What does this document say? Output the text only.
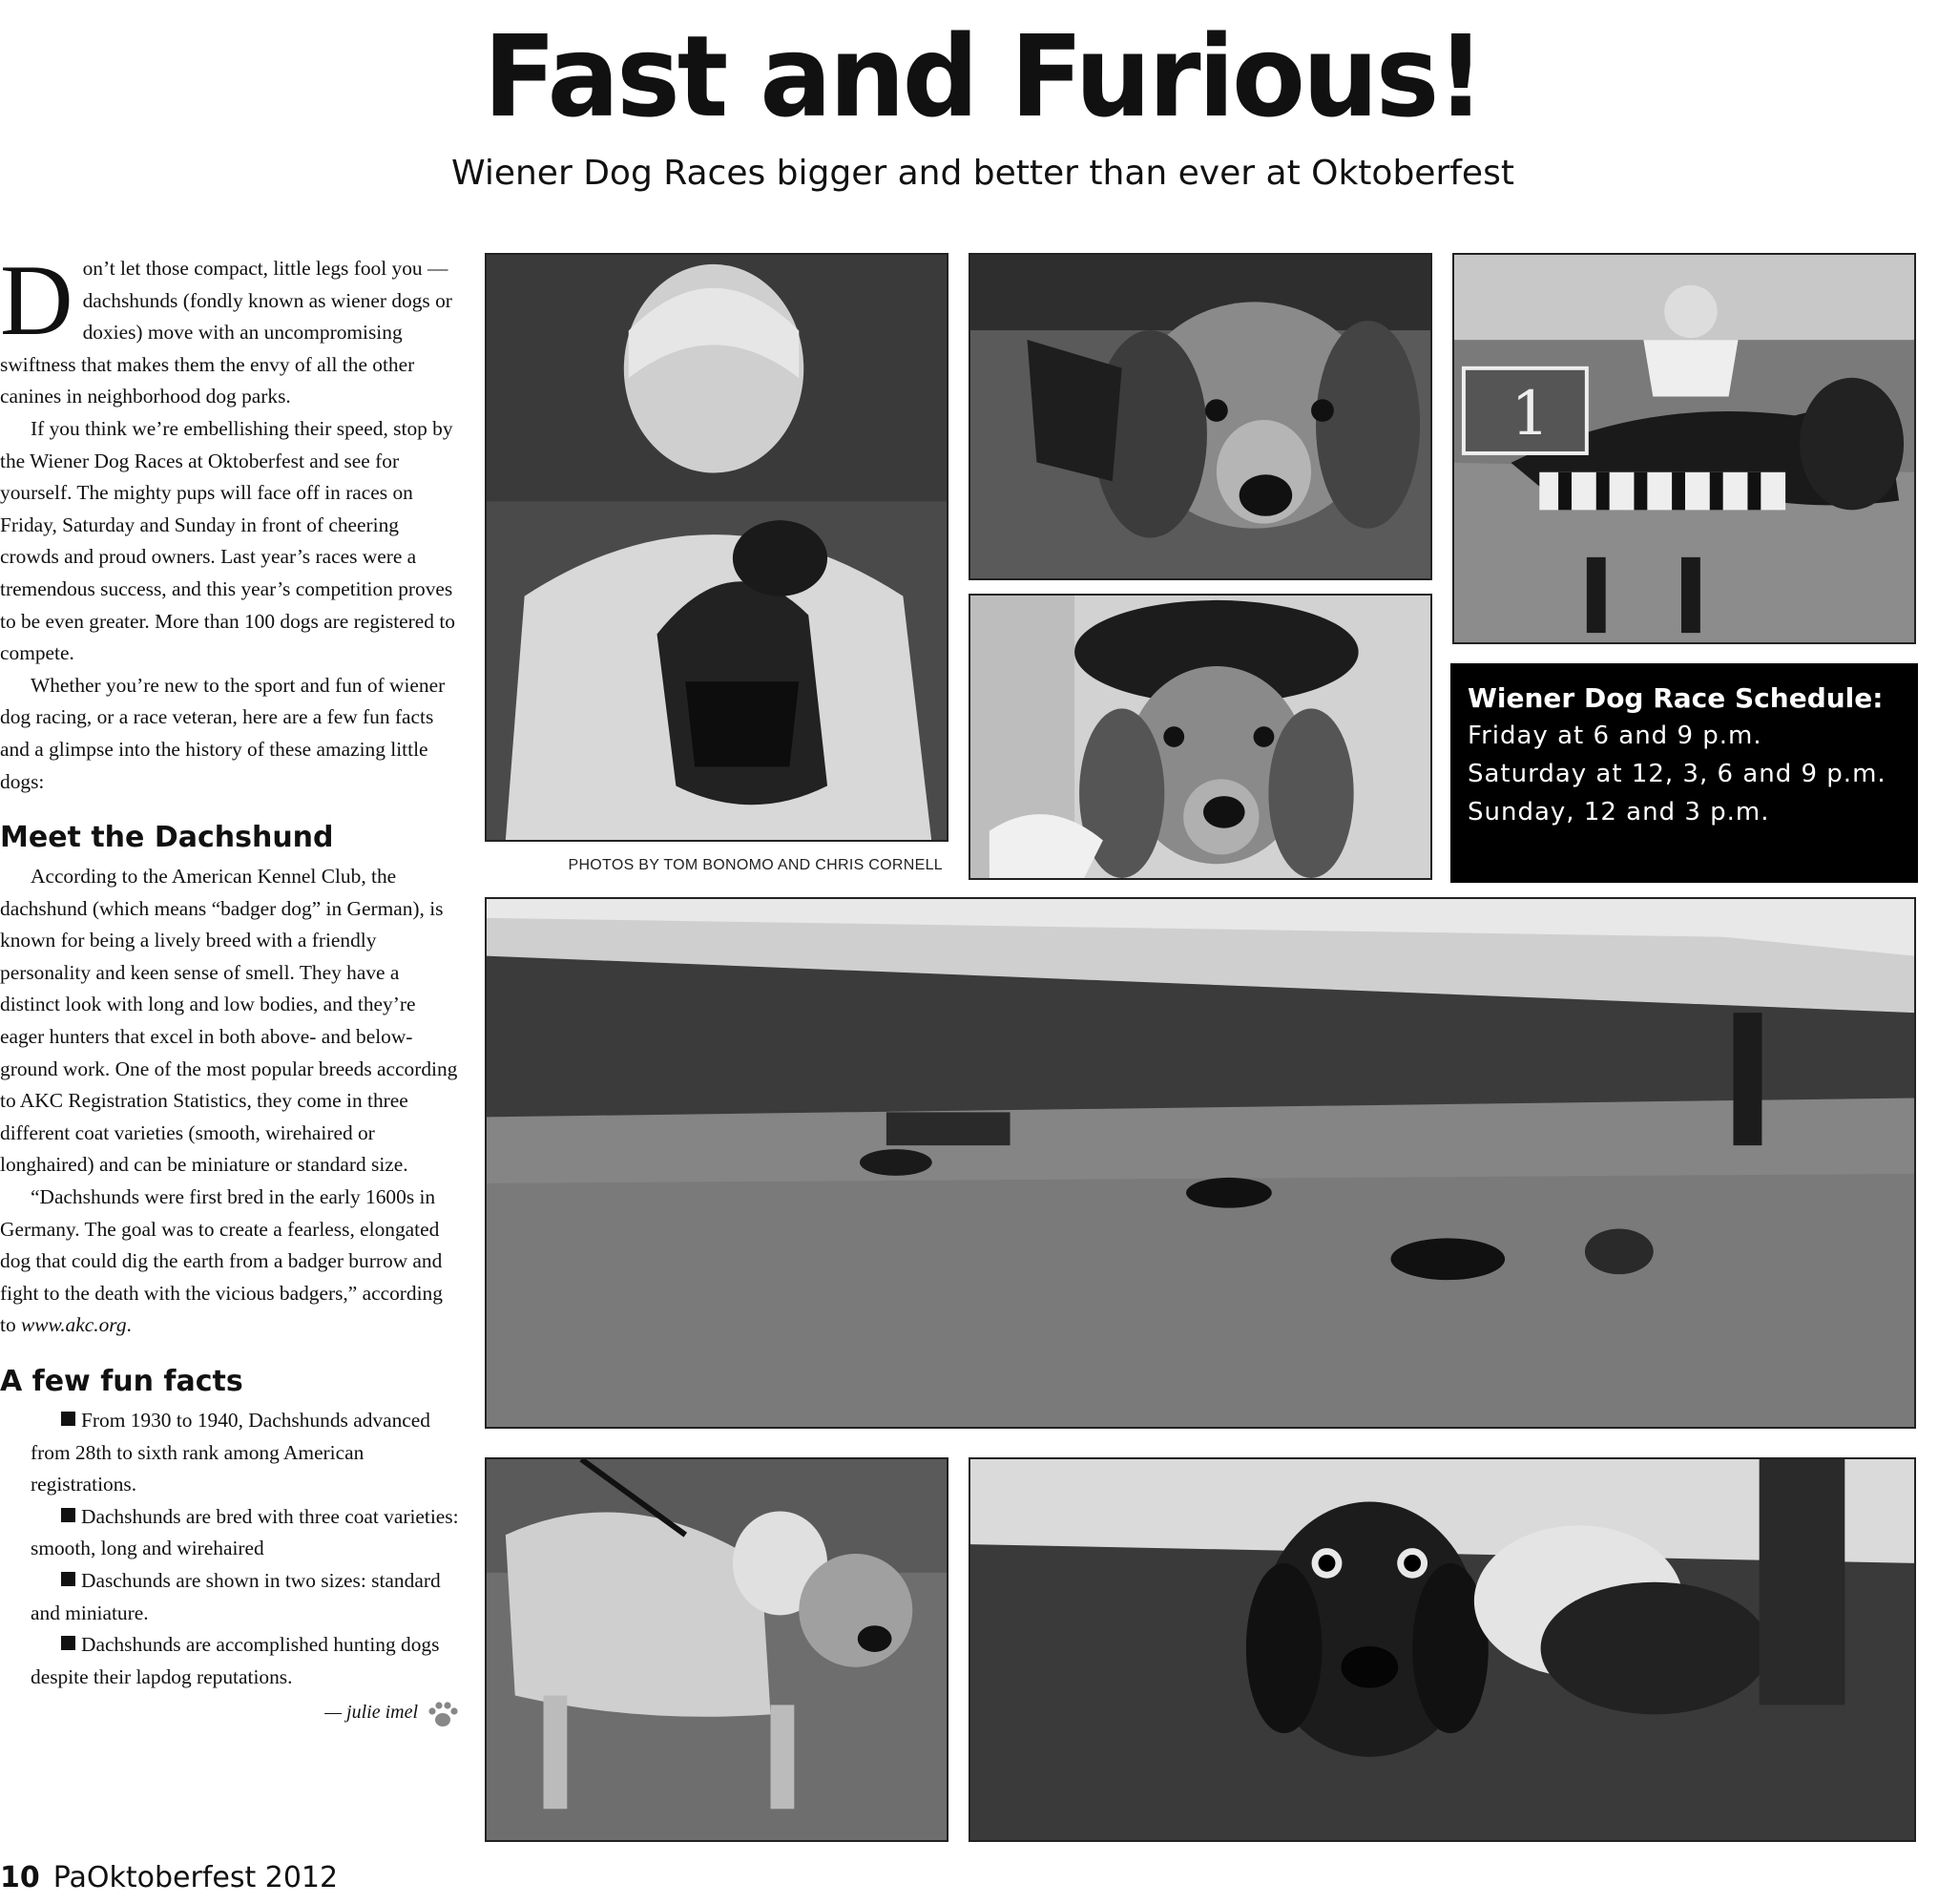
Fast and Furious!

Wiener Dog Races bigger and better than ever at Oktoberfest

Don’t let those compact, little legs fool you — dachshunds (fondly known as wiener dogs or doxies) move with an uncompromising swiftness that makes them the envy of all the other canines in neighborhood dog parks.

If you think we’re embellishing their speed, stop by the Wiener Dog Races at Oktoberfest and see for yourself. The mighty pups will face off in races on Friday, Saturday and Sunday in front of cheering crowds and proud owners. Last year’s races were a tremendous success, and this year’s competition proves to be even greater. More than 100 dogs are registered to compete.

Whether you’re new to the sport and fun of wiener dog racing, or a race veteran, here are a few fun facts and a glimpse into the history of these amazing little dogs:

Meet the Dachshund

According to the American Kennel Club, the dachshund (which means “badger dog” in German), is known for being a lively breed with a friendly personality and keen sense of smell. They have a distinct look with long and low bodies, and they’re eager hunters that excel in both above- and below-ground work. One of the most popular breeds according to AKC Registration Statistics, they come in three different coat varieties (smooth, wirehaired or longhaired) and can be miniature or standard size.

“Dachshunds were first bred in the early 1600s in Germany. The goal was to create a fearless, elongated dog that could dig the earth from a badger burrow and fight to the death with the vicious badgers,” according to www.akc.org.

A few fun facts

From 1930 to 1940, Dachshunds advanced from 28th to sixth rank among American registrations.

Dachshunds are bred with three coat varieties: smooth, long and wirehaired

Daschunds are shown in two sizes: standard and miniature.

Dachshunds are accomplished hunting dogs despite their lapdog reputations.

— julie imel
1
PHOTOS BY TOM BONOMO AND CHRIS CORNELL
Wiener Dog Race Schedule:
Friday at 6 and 9 p.m.
Saturday at 12, 3, 6 and 9 p.m.
Sunday, 12 and 3 p.m.
10 PaOktoberfest 2012
